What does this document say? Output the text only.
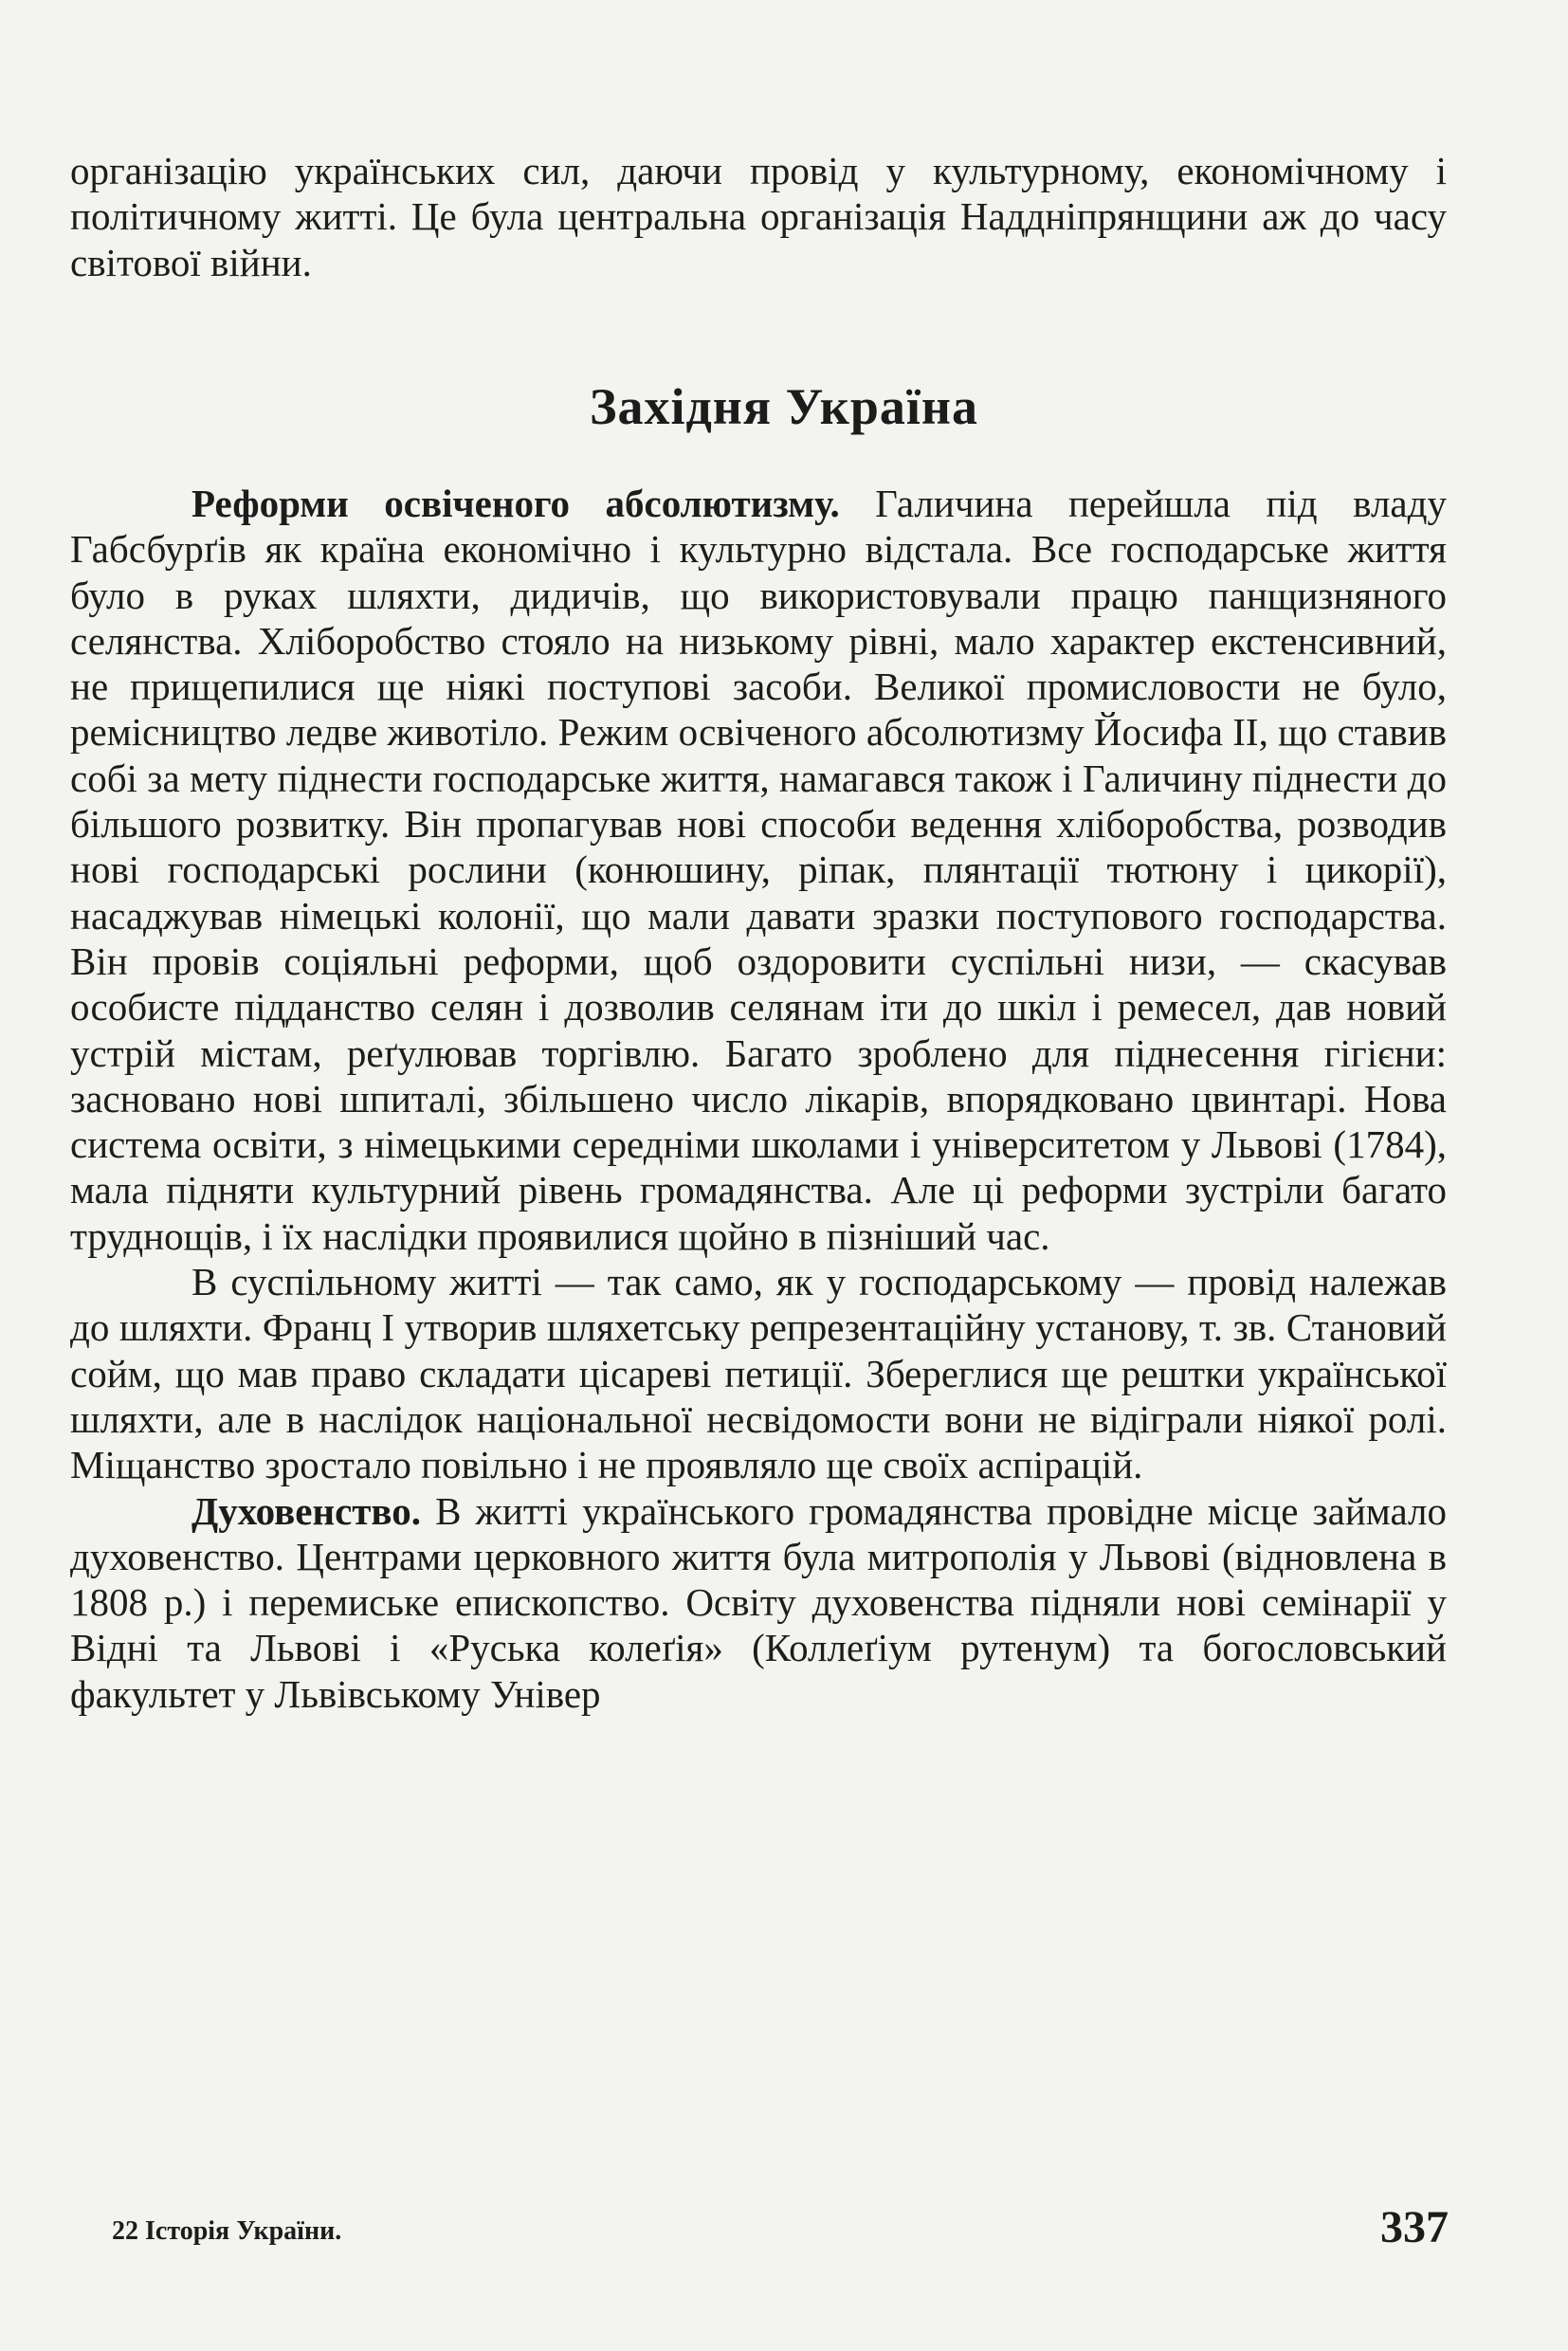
організацію українських сил, даючи провід у культурному, економічному і політичному житті. Це була центральна організація Наддніпрянщини аж до часу світової війни.

Західня Україна

Реформи освіченого абсолютизму. Галичина перейшла під владу Габсбурґів як країна економічно і культурно відстала. Все господарське життя було в руках шляхти, дидичів, що використовували працю панщизняного селянства. Хліборобство стояло на низькому рівні, мало характер екстенсивний, не прищепилися ще ніякі поступові засоби. Великої промисловости не було, ремісництво ледве животіло. Режим освіченого абсолютизму Йосифа ІІ, що ставив собі за мету піднести господарське життя, намагався також і Галичину піднести до більшого розвитку. Він пропагував нові способи ведення хліборобства, розводив нові господарські рослини (конюшину, ріпак, плянтації тютюну і цикорії), насаджував німецькі колонії, що мали давати зразки поступового господарства. Він провів соціяльні реформи, щоб оздоровити суспільні низи, — скасував особисте підданство селян і дозволив селянам іти до шкіл і ремесел, дав новий устрій містам, реґулював торгівлю. Багато зроблено для піднесення гігієни: засновано нові шпиталі, збільшено число лікарів, впорядковано цвинтарі. Нова система освіти, з німецькими середніми школами і університетом у Львові (1784), мала підняти культурний рівень громадянства. Але ці реформи зустріли багато труднощів, і їх наслідки проявилися щойно в пізніший час.

В суспільному житті — так само, як у господарському — провід належав до шляхти. Франц І утворив шляхетську репрезентаційну установу, т. зв. Становий сойм, що мав право складати цісареві петиції. Збереглися ще рештки української шляхти, але в наслідок національної несвідомости вони не відіграли ніякої ролі. Міщанство зростало повільно і не проявляло ще своїх аспірацій.

Духовенство. В житті українського громадянства провідне місце займало духовенство. Центрами церковного життя була митрополія у Львові (відновлена в 1808 р.) і перемиське епископство. Освіту духовенства підняли нові семінарії у Відні та Львові і «Руська колеґія» (Коллеґіум рутенум) та богословський факультет у Львівському Універ

22 Історія України.	337
